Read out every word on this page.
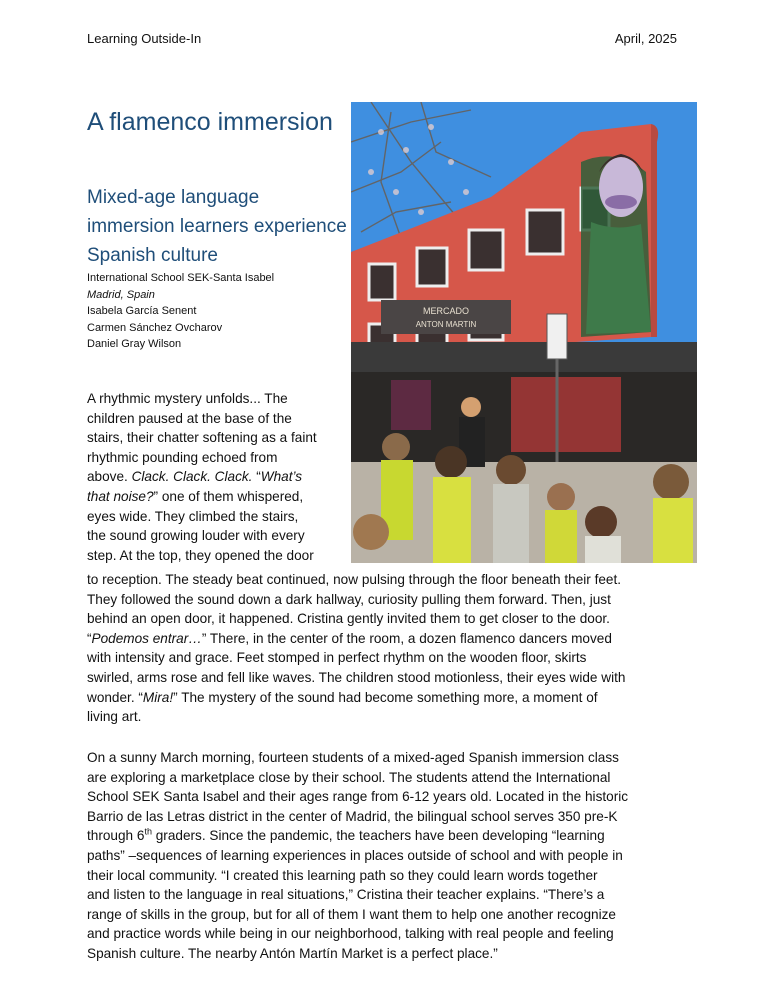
Learning Outside-In	April, 2025
A flamenco immersion
Mixed-age language immersion learners experience Spanish culture
International School SEK-Santa Isabel
Madrid, Spain
Isabela García Senent
Carmen Sánchez Ovcharov
Daniel Gray Wilson
MERCADO
ANTON MARTIN
A rhythmic mystery unfolds... The
children paused at the base of the
stairs, their chatter softening as a faint
rhythmic pounding echoed from
above. Clack. Clack. Clack. “What’s
that noise?” one of them whispered,
eyes wide. They climbed the stairs,
the sound growing louder with every
step. At the top, they opened the door
to reception. The steady beat continued, now pulsing through the floor beneath their feet.
They followed the sound down a dark hallway, curiosity pulling them forward. Then, just
behind an open door, it happened. Cristina gently invited them to get closer to the door.
“Podemos entrar…” There, in the center of the room, a dozen flamenco dancers moved
with intensity and grace. Feet stomped in perfect rhythm on the wooden floor, skirts
swirled, arms rose and fell like waves. The children stood motionless, their eyes wide with
wonder. “Mira!” The mystery of the sound had become something more, a moment of
living art.
On a sunny March morning, fourteen students of a mixed-aged Spanish immersion class
are exploring a marketplace close by their school. The students attend the International
School SEK Santa Isabel and their ages range from 6-12 years old. Located in the historic
Barrio de las Letras district in the center of Madrid, the bilingual school serves 350 pre-K
through 6th graders. Since the pandemic, the teachers have been developing “learning
paths” –sequences of learning experiences in places outside of school and with people in
their local community. “I created this learning path so they could learn words together
and listen to the language in real situations,” Cristina their teacher explains. “There’s a
range of skills in the group, but for all of them I want them to help one another recognize
and practice words while being in our neighborhood, talking with real people and feeling
Spanish culture. The nearby Antón Martín Market is a perfect place.”
